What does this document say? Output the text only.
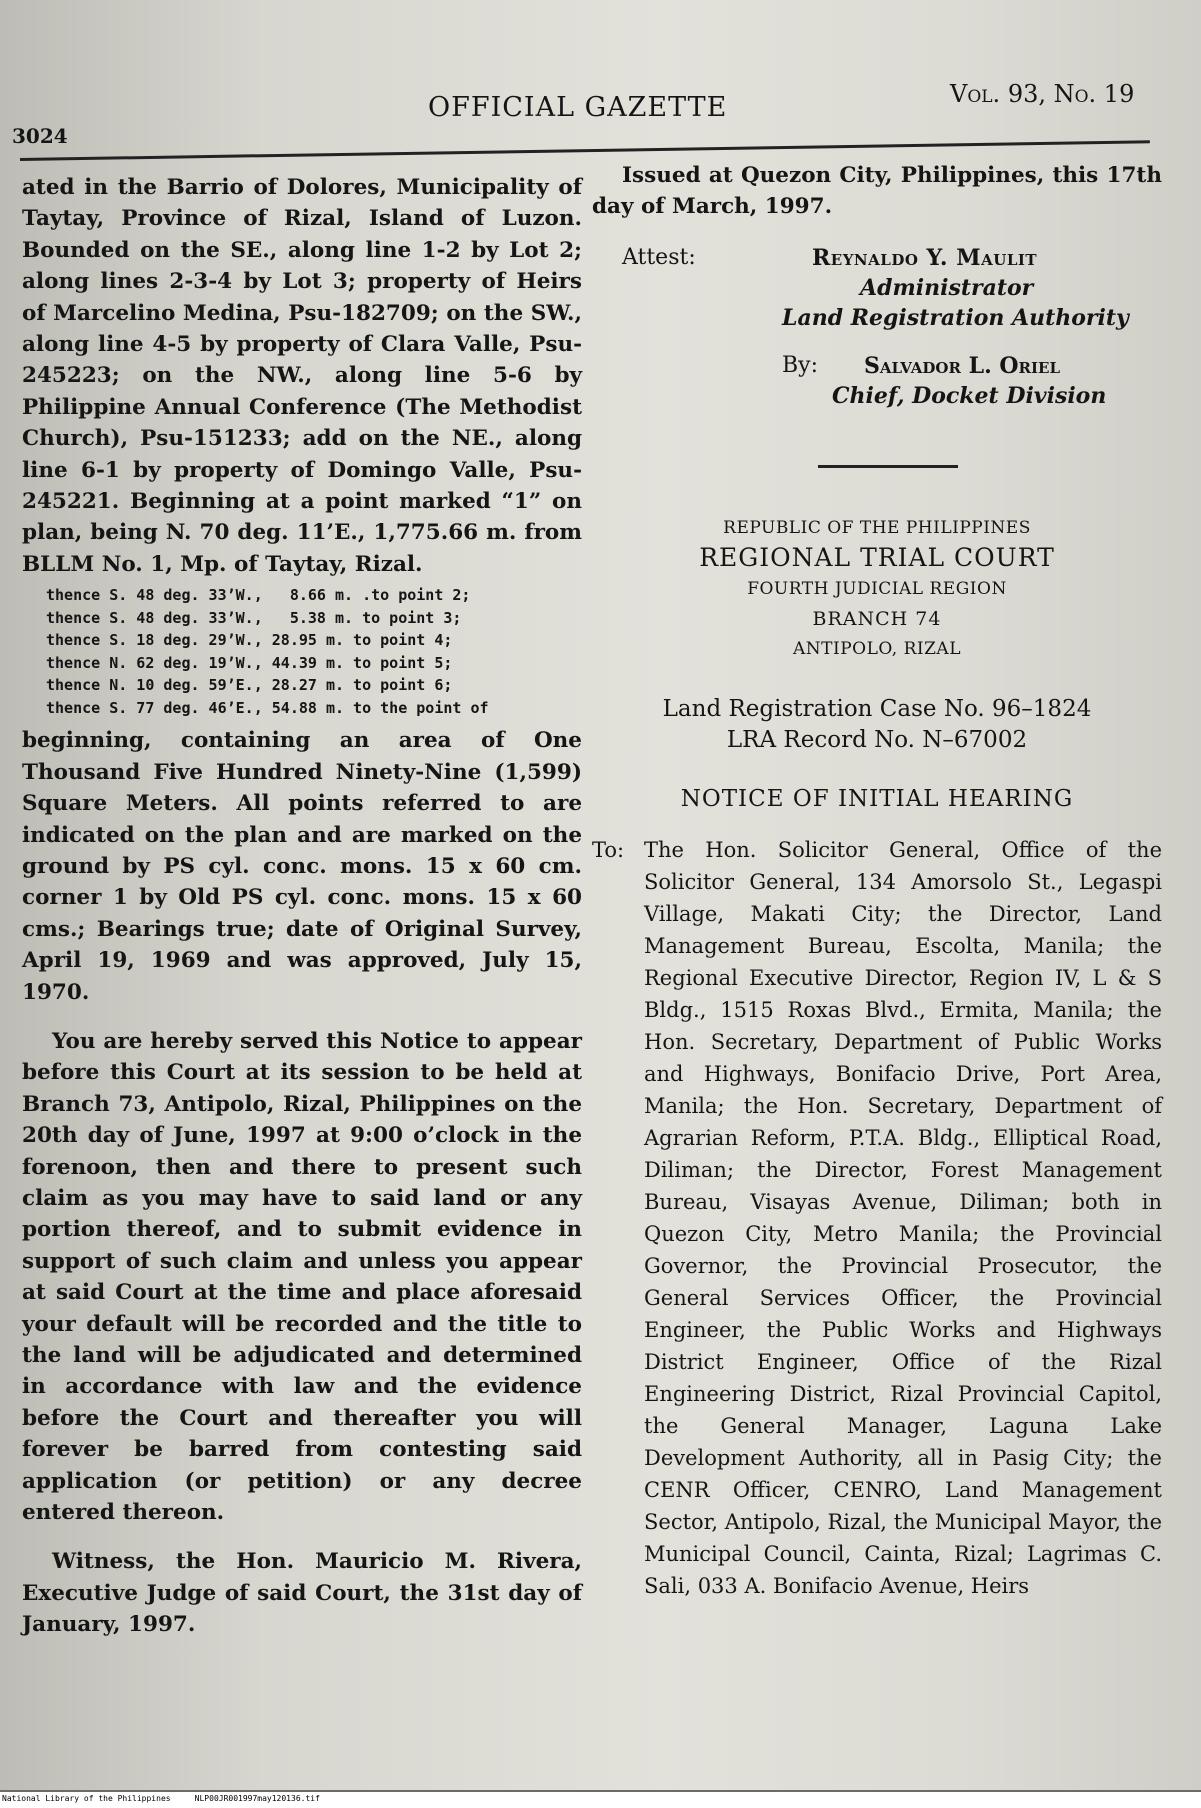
3024
OFFICIAL GAZETTE	Vol. 93, No. 19

ated in the Barrio of Dolores, Municipality of Taytay, Province of Rizal, Island of Luzon. Bounded on the SE., along line 1-2 by Lot 2; along lines 2-3-4 by Lot 3; property of Heirs of Marcelino Medina, Psu-182709; on the SW., along line 4-5 by property of Clara Valle, Psu-245223; on the NW., along line 5-6 by Philippine Annual Conference (The Methodist Church), Psu-151233; add on the NE., along line 6-1 by property of Domingo Valle, Psu-245221. Beginning at a point marked “1” on plan, being N. 70 deg. 11’E., 1,775.66 m. from BLLM No. 1, Mp. of Taytay, Rizal.

thence S. 48 deg. 33’W.,   8.66 m. .to point 2;
thence S. 48 deg. 33’W.,   5.38 m. to point 3;
thence S. 18 deg. 29’W., 28.95 m. to point 4;
thence N. 62 deg. 19’W., 44.39 m. to point 5;
thence N. 10 deg. 59’E., 28.27 m. to point 6;
thence S. 77 deg. 46’E., 54.88 m. to the point of

beginning, containing an area of One Thousand Five Hundred Ninety-Nine (1,599) Square Meters. All points referred to are indicated on the plan and are marked on the ground by PS cyl. conc. mons. 15 x 60 cm. corner 1 by Old PS cyl. conc. mons. 15 x 60 cms.; Bearings true; date of Original Survey, April 19, 1969 and was approved, July 15, 1970.

You are hereby served this Notice to appear before this Court at its session to be held at Branch 73, Antipolo, Rizal, Philippines on the 20th day of June, 1997 at 9:00 o’clock in the forenoon, then and there to present such claim as you may have to said land or any portion thereof, and to submit evidence in support of such claim and unless you appear at said Court at the time and place aforesaid your default will be recorded and the title to the land will be adjudicated and determined in accordance with law and the evidence before the Court and thereafter you will forever be barred from contesting said application (or petition) or any decree entered thereon.

Witness, the Hon. Mauricio M. Rivera, Executive Judge of said Court, the 31st day of January, 1997.

Issued at Quezon City, Philippines, this 17th day of March, 1997.

Attest:	Reynaldo Y. Maulit
Administrator
Land Registration Authority
By: Salvador L. Oriel
Chief, Docket Division
REPUBLIC OF THE PHILIPPINES
REGIONAL TRIAL COURT
FOURTH JUDICIAL REGION
BRANCH 74
ANTIPOLO, RIZAL
Land Registration Case No. 96–1824
LRA Record No. N–67002
NOTICE OF INITIAL HEARING
To: The Hon. Solicitor General, Office of the Solicitor General, 134 Amorsolo St., Legaspi Village, Makati City; the Director, Land Management Bureau, Escolta, Manila; the Regional Executive Director, Region IV, L & S Bldg., 1515 Roxas Blvd., Ermita, Manila; the Hon. Secretary, Department of Public Works and Highways, Bonifacio Drive, Port Area, Manila; the Hon. Secretary, Department of Agrarian Reform, P.T.A. Bldg., Elliptical Road, Diliman; the Director, Forest Management Bureau, Visayas Avenue, Diliman; both in Quezon City, Metro Manila; the Provincial Governor, the Provincial Prosecutor, the General Services Officer, the Provincial Engineer, the Public Works and Highways District Engineer, Office of the Rizal Engineering District, Rizal Provincial Capitol, the General Manager, Laguna Lake Development Authority, all in Pasig City; the CENR Officer, CENRO, Land Management Sector, Antipolo, Rizal, the Municipal Mayor, the Municipal Council, Cainta, Rizal; Lagrimas C. Sali, 033 A. Bonifacio Avenue, Heirs
National Library of the Philippines	NLP00JR001997may120136.tif
